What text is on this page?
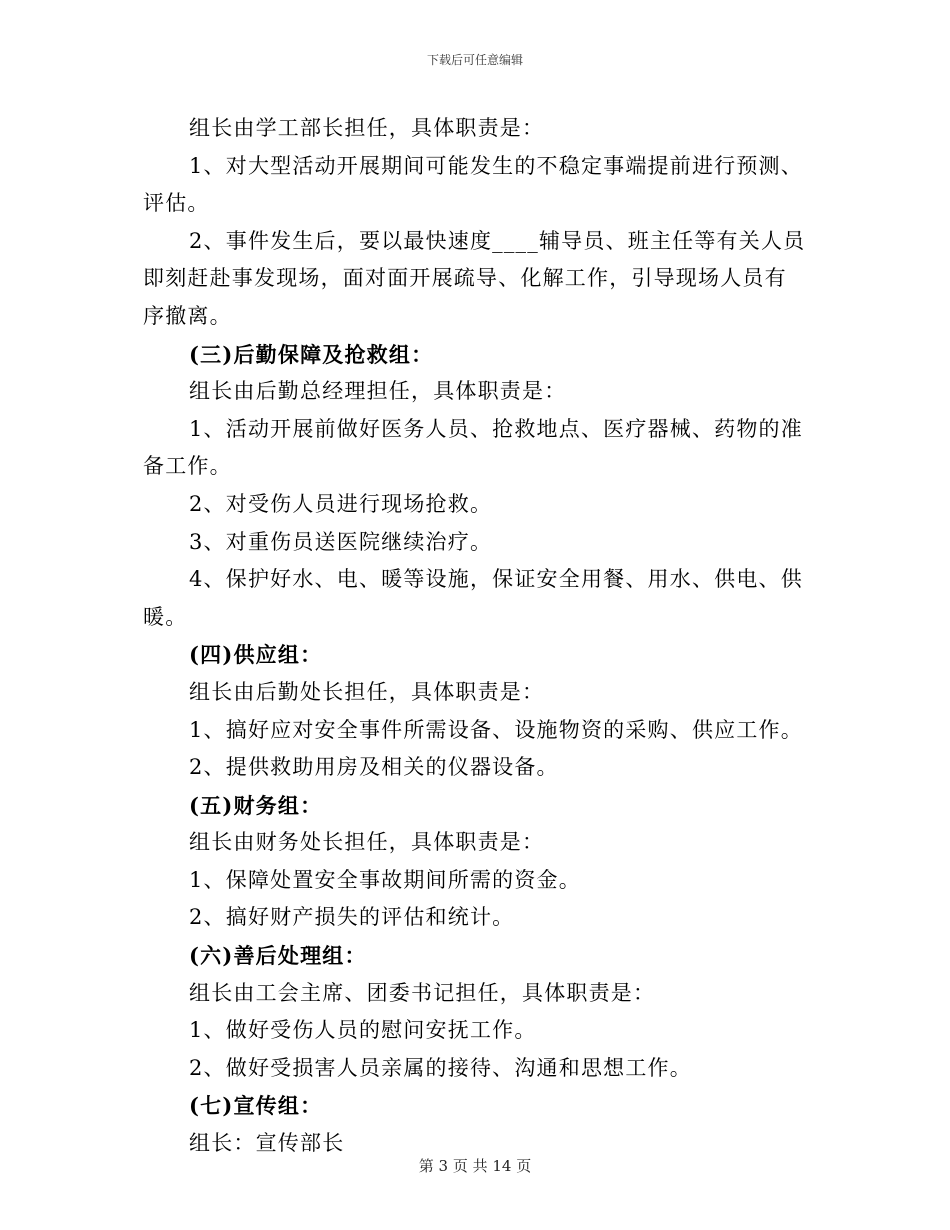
下载后可任意编辑

组长由学工部长担任，具体职责是：

1、对大型活动开展期间可能发生的不稳定事端提前进行预测、评估。

2、事件发生后，要以最快速度____辅导员、班主任等有关人员即刻赶赴事发现场，面对面开展疏导、化解工作，引导现场人员有序撤离。

(三)后勤保障及抢救组：

组长由后勤总经理担任，具体职责是：

1、活动开展前做好医务人员、抢救地点、医疗器械、药物的准备工作。

2、对受伤人员进行现场抢救。

3、对重伤员送医院继续治疗。

4、保护好水、电、暖等设施，保证安全用餐、用水、供电、供暖。

(四)供应组：

组长由后勤处长担任，具体职责是：

1、搞好应对安全事件所需设备、设施物资的采购、供应工作。

2、提供救助用房及相关的仪器设备。

(五)财务组：

组长由财务处长担任，具体职责是：

1、保障处置安全事故期间所需的资金。

2、搞好财产损失的评估和统计。

(六)善后处理组：

组长由工会主席、团委书记担任，具体职责是：

1、做好受伤人员的慰问安抚工作。

2、做好受损害人员亲属的接待、沟通和思想工作。

(七)宣传组：

组长：宣传部长

第 3 页 共 14 页
